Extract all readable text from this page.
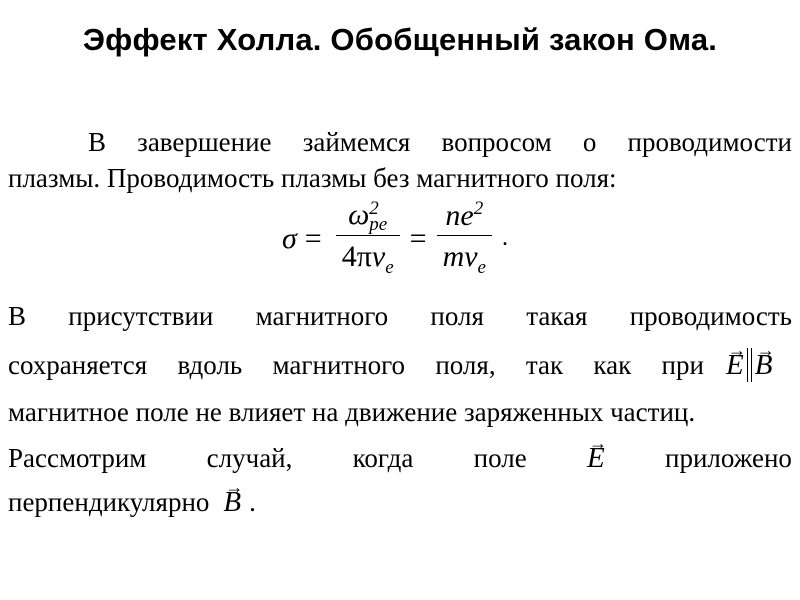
Эффект Холла. Обобщенный закон Ома.
В завершение займемся вопросом о проводимости
плазмы. Проводимость плазмы без магнитного поля:
σ = ω 2
pe
$4\pi\nu_e = \frac{ne^2}{m\nu_e}$ .
В присутствии магнитного поля такая проводимость
сохраняется вдоль магнитного поля, так как при → E → B
магнитное поле не влияет на движение заряженных частиц.
Рассмотрим случай, когда поле → E приложено
перпендикулярно → B .
